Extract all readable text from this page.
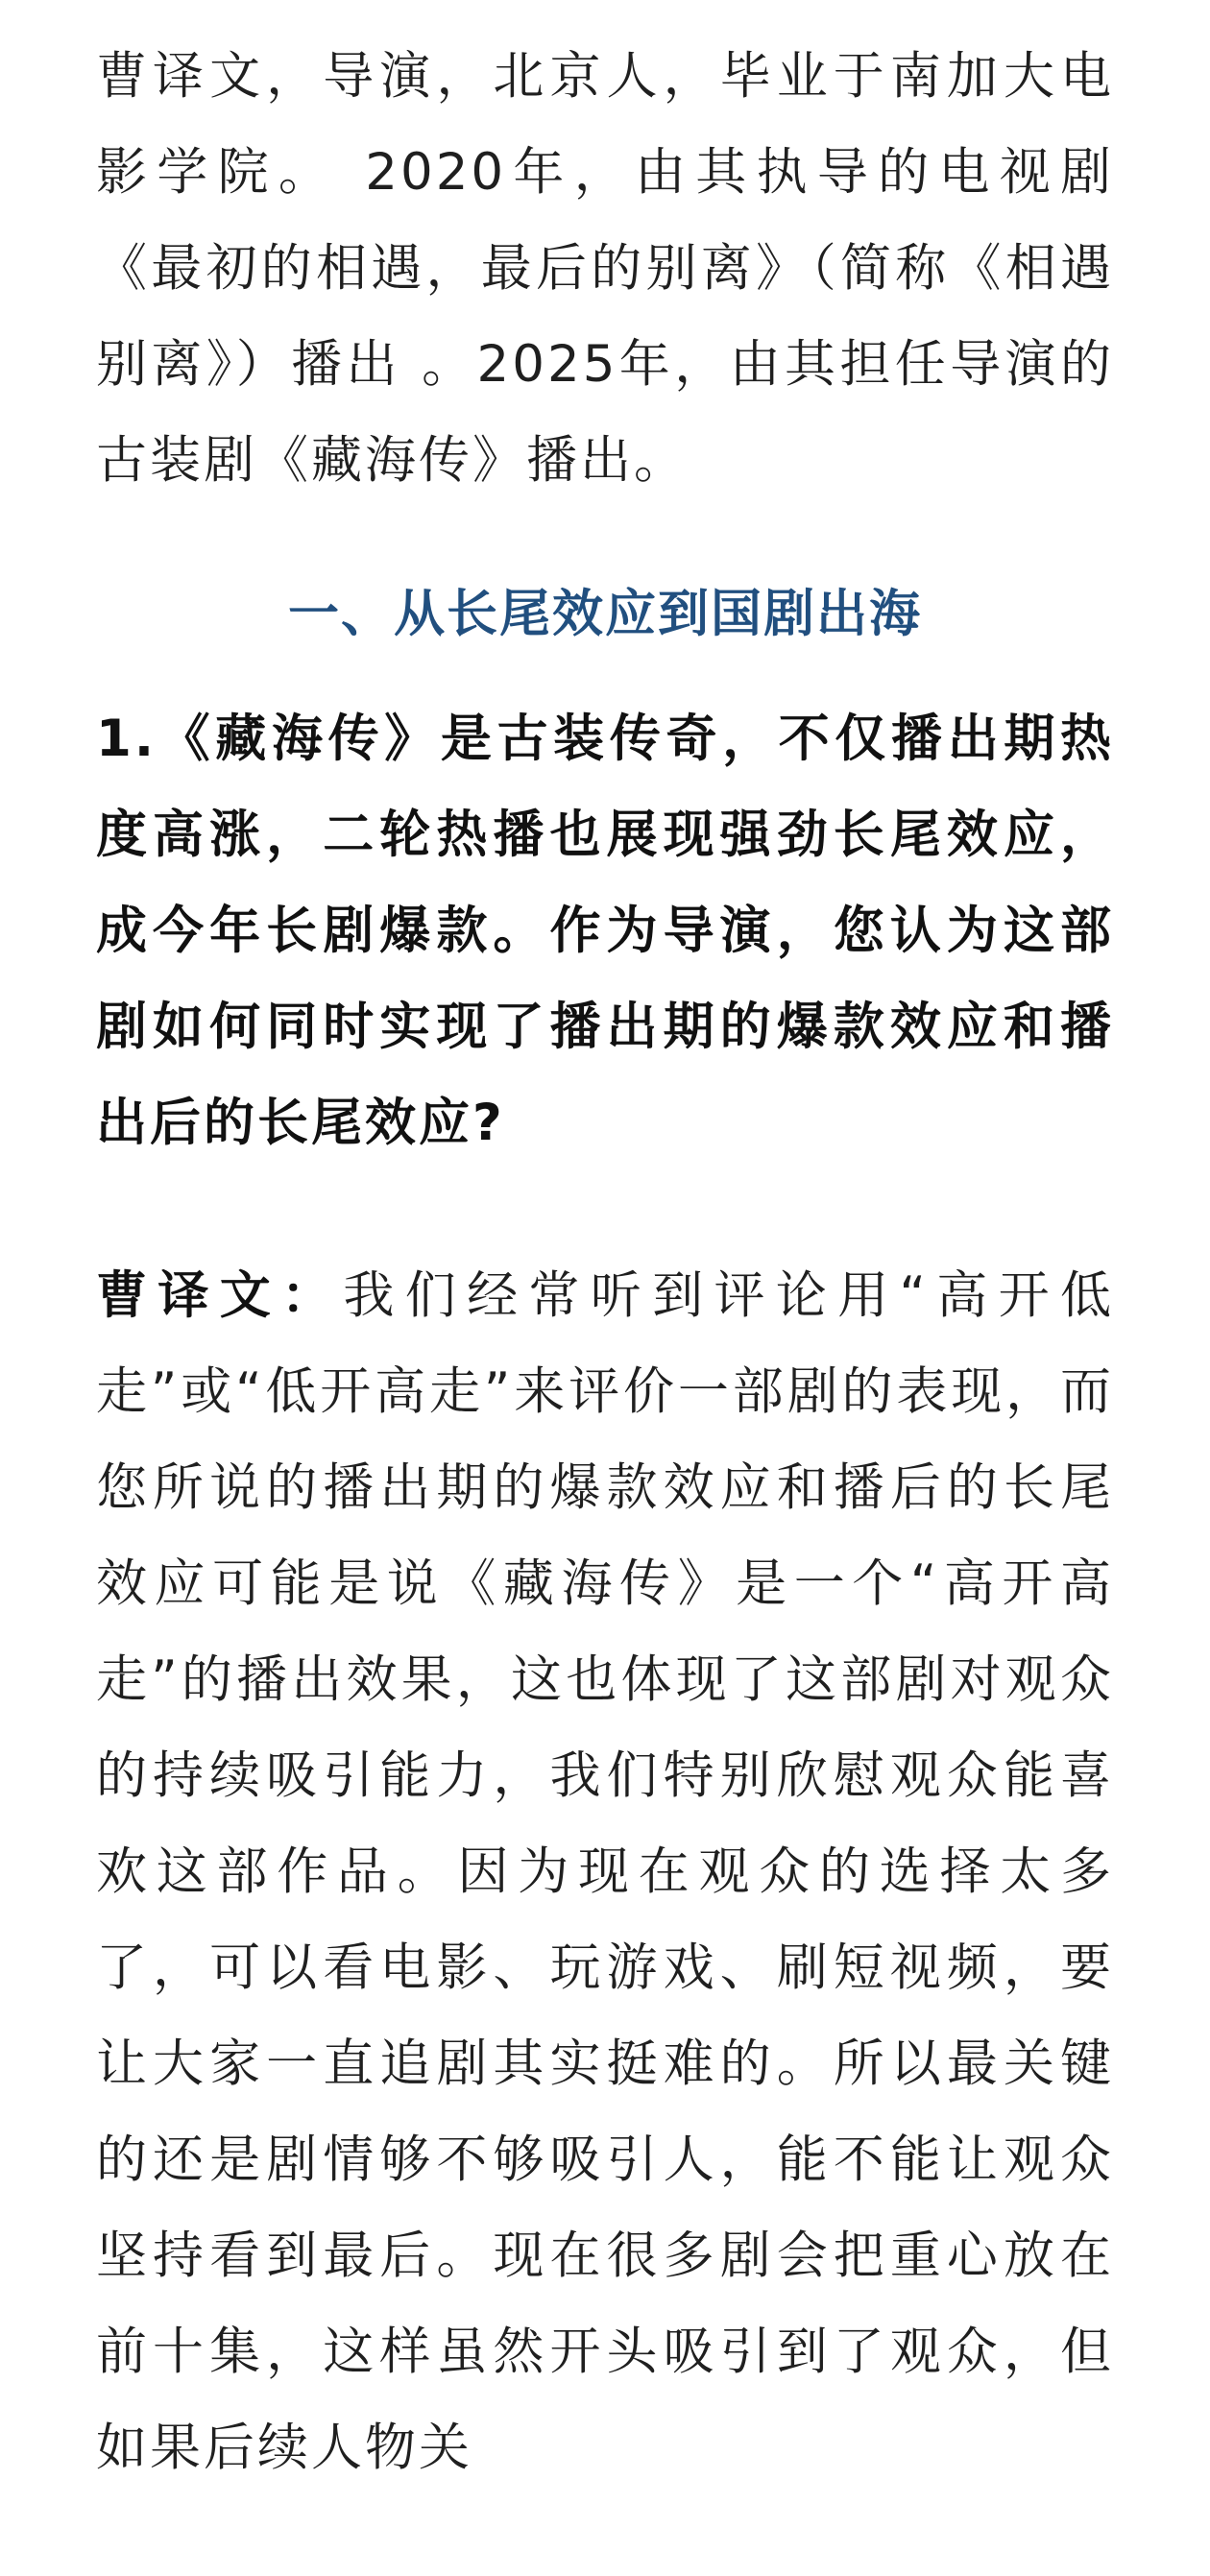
曹译文，导演，北京人，毕业于南加大电影学院。 2020年，由其执导的电视剧《最初的相遇，最后的别离》（简称《相遇别离》）播出 。2025年，由其担任导演的古装剧《藏海传》播出。

一、从长尾效应到国剧出海

1.《藏海传》是古装传奇，不仅播出期热度高涨，二轮热播也展现强劲长尾效应，成今年长剧爆款。作为导演，您认为这部剧如何同时实现了播出期的爆款效应和播出后的长尾效应?

曹译文：我们经常听到评论用“高开低走”或“低开高走”来评价一部剧的表现，而您所说的播出期的爆款效应和播后的长尾效应可能是说《藏海传》是一个“高开高走”的播出效果，这也体现了这部剧对观众的持续吸引能力，我们特别欣慰观众能喜欢这部作品。因为现在观众的选择太多了，可以看电影、玩游戏、刷短视频，要让大家一直追剧其实挺难的。所以最关键的还是剧情够不够吸引人，能不能让观众坚持看到最后。现在很多剧会把重心放在前十集，这样虽然开头吸引到了观众，但如果后续人物关
